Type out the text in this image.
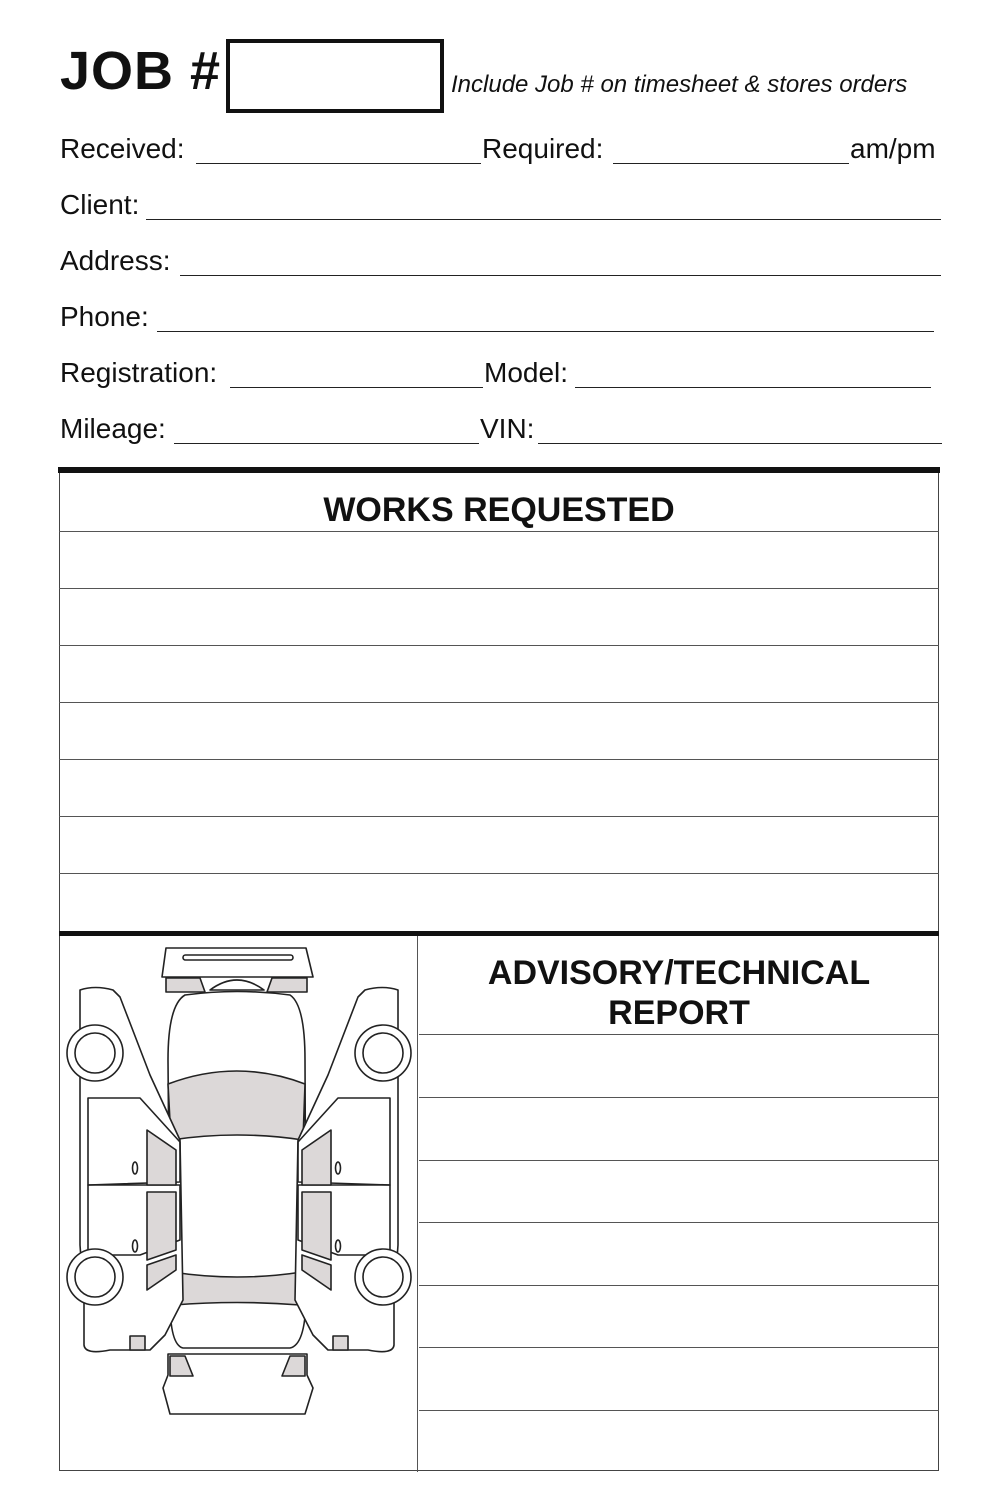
JOB #	Include Job # on timesheet & stores orders
Received:	Required:	am/pm
Client:
Address:
Phone:
Registration:	Model:
Mileage:	VIN:
WORKS REQUESTED
ADVISORY/TECHNICAL
REPORT
